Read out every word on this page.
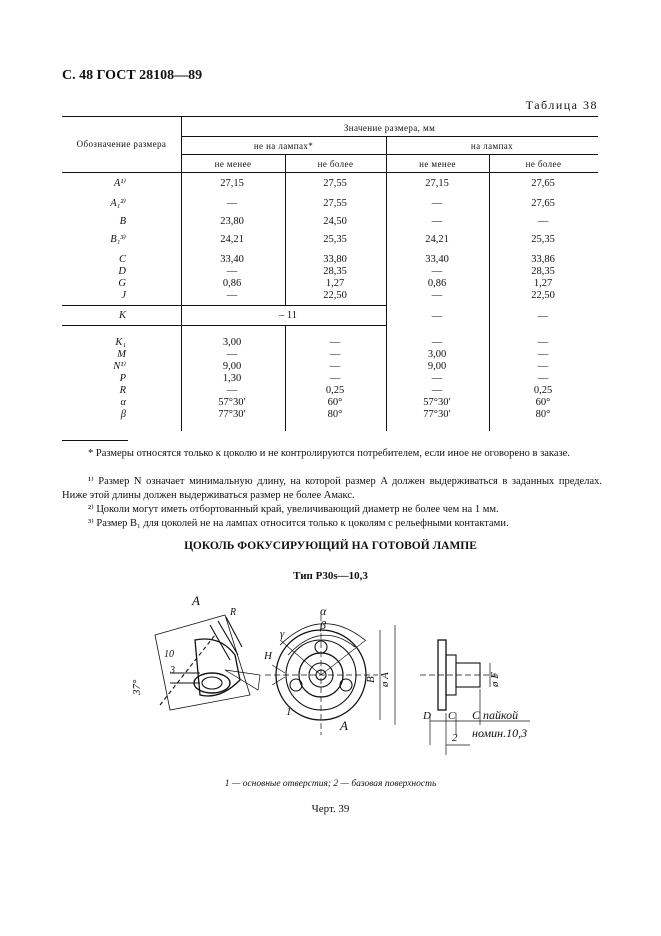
С. 48 ГОСТ 28108—89
Таблица 38
Обозначение размера
Значение размера, мм
не на лампах*	на лампах
не менее	не более	не менее	не более
A¹⁾	27,15	27,55	27,15	27,65
A₁²⁾	—	27,55	—	27,65
B	23,80	24,50	—	—
B₁³⁾	24,21	25,35	24,21	25,35
C	33,40	33,80	33,40	33,86
D	—	28,35	—	28,35
G	0,86	1,27	0,86	1,27
J	—	22,50	—	22,50
K	– 11	—	—
K₁	3,00	—	—	—
M	—	—	3,00	—
N¹⁾	9,00	—	9,00	—
P	1,30	—	—	—
R	—	0,25	—	0,25
α	57°30′	60°	57°30′	60°
β	77°30′	80°	77°30′	80°
* Размеры относятся только к цоколю и не контролируются потребителем, если иное не оговорено в заказе.
¹⁾ Размер N означает минимальную длину, на которой размер A должен выдерживаться в заданных пределах. Ниже этой длины должен выдерживаться размер не более Aмакс.
²⁾ Цоколи могут иметь отбортованный край, увеличивающий диаметр не более чем на 1 мм.
³⁾ Размер B₁ для цоколей не на лампах относится только к цоколям с рельефными контактами.
ЦОКОЛЬ ФОКУСИРУЮЩИЙ НА ГОТОВОЙ ЛАМПЕ
Тип P30s—10,3
A
37°
10
3
R	α
β
γ
H
1
A
ø A
B	ø F
D C
2
С пайкой
номин.10,3
1 — основные отверстия; 2 — базовая поверхность
Черт. 39
